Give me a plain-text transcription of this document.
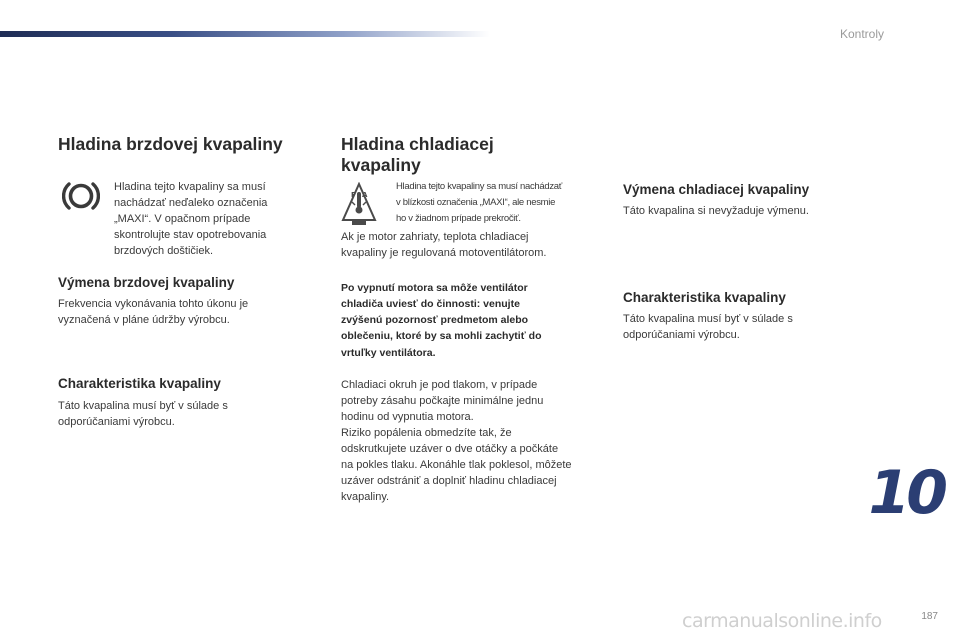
Kontroly
Hladina brzdovej kvapaliny

Hladina tejto kvapaliny sa musí

nachádzať neďaleko označenia

„MAXI“. V opačnom prípade

skontrolujte stav opotrebovania

brzdových doštičiek.

Výmena brzdovej kvapaliny

Frekvencia vykonávania tohto úkonu je

vyznačená v pláne údržby výrobcu.

Charakteristika kvapaliny

Táto kvapalina musí byť v súlade s

odporúčaniami výrobcu.

Hladina chladiacej
kvapaliny
F A

Hladina tejto kvapaliny sa musí nachádzať

v blízkosti označenia „MAXI“, ale nesmie

ho v žiadnom prípade prekročiť.

Ak je motor zahriaty, teplota chladiacej

kvapaliny je regulovaná motoventilátorom.

Po vypnutí motora sa môže ventilátor

chladiča uviesť do činnosti: venujte

zvýšenú pozornosť predmetom alebo

oblečeniu, ktoré by sa mohli zachytiť do

vrtuľky ventilátora.

Chladiaci okruh je pod tlakom, v prípade

potreby zásahu počkajte minimálne jednu

hodinu od vypnutia motora.

Riziko popálenia obmedzíte tak, že

odskrutkujete uzáver o dve otáčky a počkáte

na pokles tlaku. Akonáhle tlak poklesol, môžete

uzáver odstrániť a doplniť hladinu chladiacej

kvapaliny.

Výmena chladiacej kvapaliny

Táto kvapalina si nevyžaduje výmenu.

Charakteristika kvapaliny

Táto kvapalina musí byť v súlade s

odporúčaniami výrobcu.

10
carmanualsonline.info	187
